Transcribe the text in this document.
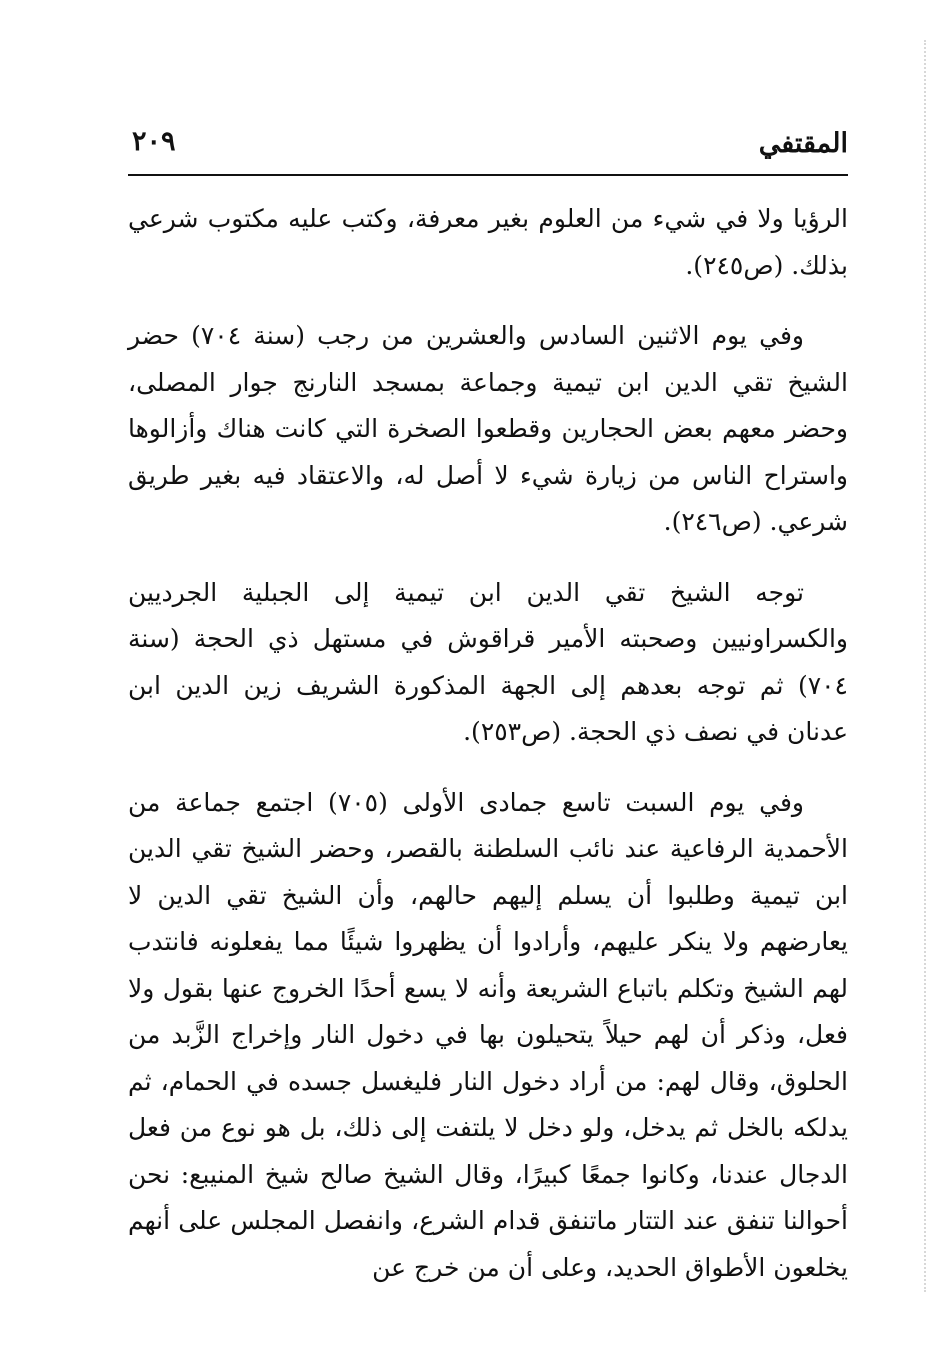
المقتفي
٢٠٩

الرؤيا ولا في شيء من العلوم بغير معرفة، وكتب عليه مكتوب شرعي بذلك. (ص٢٤٥).

وفي يوم الاثنين السادس والعشرين من رجب (سنة ٧٠٤) حضر الشيخ تقي الدين ابن تيمية وجماعة بمسجد النارنج جوار المصلى، وحضر معهم بعض الحجارين وقطعوا الصخرة التي كانت هناك وأزالوها واستراح الناس من زيارة شيء لا أصل له، والاعتقاد فيه بغير طريق شرعي. (ص٢٤٦).

توجه الشيخ تقي الدين ابن تيمية إلى الجبلية الجرديين والكسراونيين وصحبته الأمير قراقوش في مستهل ذي الحجة (سنة ٧٠٤) ثم توجه بعدهم إلى الجهة المذكورة الشريف زين الدين ابن عدنان في نصف ذي الحجة. (ص٢٥٣).

وفي يوم السبت تاسع جمادى الأولى (٧٠٥) اجتمع جماعة من الأحمدية الرفاعية عند نائب السلطنة بالقصر، وحضر الشيخ تقي الدين ابن تيمية وطلبوا أن يسلم إليهم حالهم، وأن الشيخ تقي الدين لا يعارضهم ولا ينكر عليهم، وأرادوا أن يظهروا شيئًا مما يفعلونه فانتدب لهم الشيخ وتكلم باتباع الشريعة وأنه لا يسع أحدًا الخروج عنها بقول ولا فعل، وذكر أن لهم حيلاً يتحيلون بها في دخول النار وإخراج الزَّبد من الحلوق، وقال لهم: من أراد دخول النار فليغسل جسده في الحمام، ثم يدلكه بالخل ثم يدخل، ولو دخل لا يلتفت إلى ذلك، بل هو نوع من فعل الدجال عندنا، وكانوا جمعًا كبيرًا، وقال الشيخ صالح شيخ المنيبع: نحن أحوالنا تنفق عند التتار ماتنفق قدام الشرع، وانفصل المجلس على أنهم يخلعون الأطواق الحديد، وعلى أن من خرج عن
